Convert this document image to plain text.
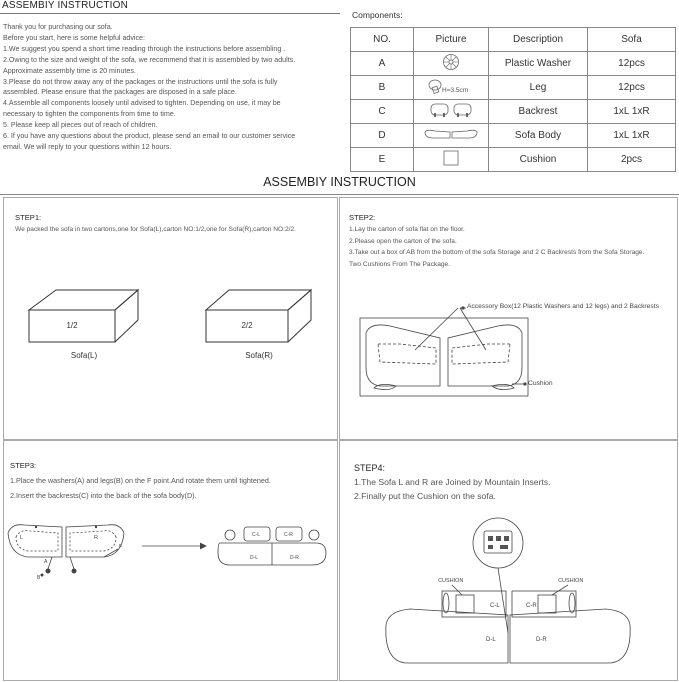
ASSEMBIY INSTRUCTION
Thank you for purchasing our sofa.
Before you start, here is some helpful advice:
1.We suggest you spend a short time reading through the instructions before assembling .
2.Owing to the size and weight of the sofa, we recommend that it is assembled by two adults.
Approximate assembly time is 20 minutes.
3.Please do not throw away any of the packages or the instructions until the sofa is fully
assembled. Please ensure that the packages are disposed in a safe place.
4.Assemble all components loosely until advised to tighten. Depending on use, it may be
necessary to tighten the components from time to time.
5. Please keep all pieces out of reach of children.
6. If you have any questions about the product, please send an email to our customer service
email. We will reply to your questions within 12 hours.
Components:
NO.	Picture	Description	Sofa
A		Plastic Washer	12pcs
B	H=3.5cm	Leg	12pcs
C		Backrest	1xL 1xR
D		Sofa Body	1xL 1xR
E		Cushion	2pcs
ASSEMBIY INSTRUCTION
STEP1:
We packed the sofa in two cartons,one for Sofa(L),carton NO:1/2,one for Sofa(R),carton NO:2/2.
1/2	2/2
Sofa(L)	Sofa(R)
STEP2:
1.Lay the carton of sofa flat on the floor.
2.Please open the carton of the sofa.
3.Take out a box of AB from the bottom of the sofa Storage and 2 C Backrests from the Sofa Storage.
Two Cushions From The Package.
Accessory Box(12 Plastic Washers and 12 legs) and 2 Backrests
Cushion
STEP3:
1.Place the washers(A) and legs(B) on the F point.And rotate them until tightened.
2.Insert the backrests(C) into the back of the sofa body(D).
L	R
F
A
B
C-L	C-R
D-L	D-R
STEP4:
1.The Sofa L and R are Joined by Mountain Inserts.
2.Finally put the Cushion on the sofa.
CUSHION	CUSHION
C-L	C-R
D-L	D-R
